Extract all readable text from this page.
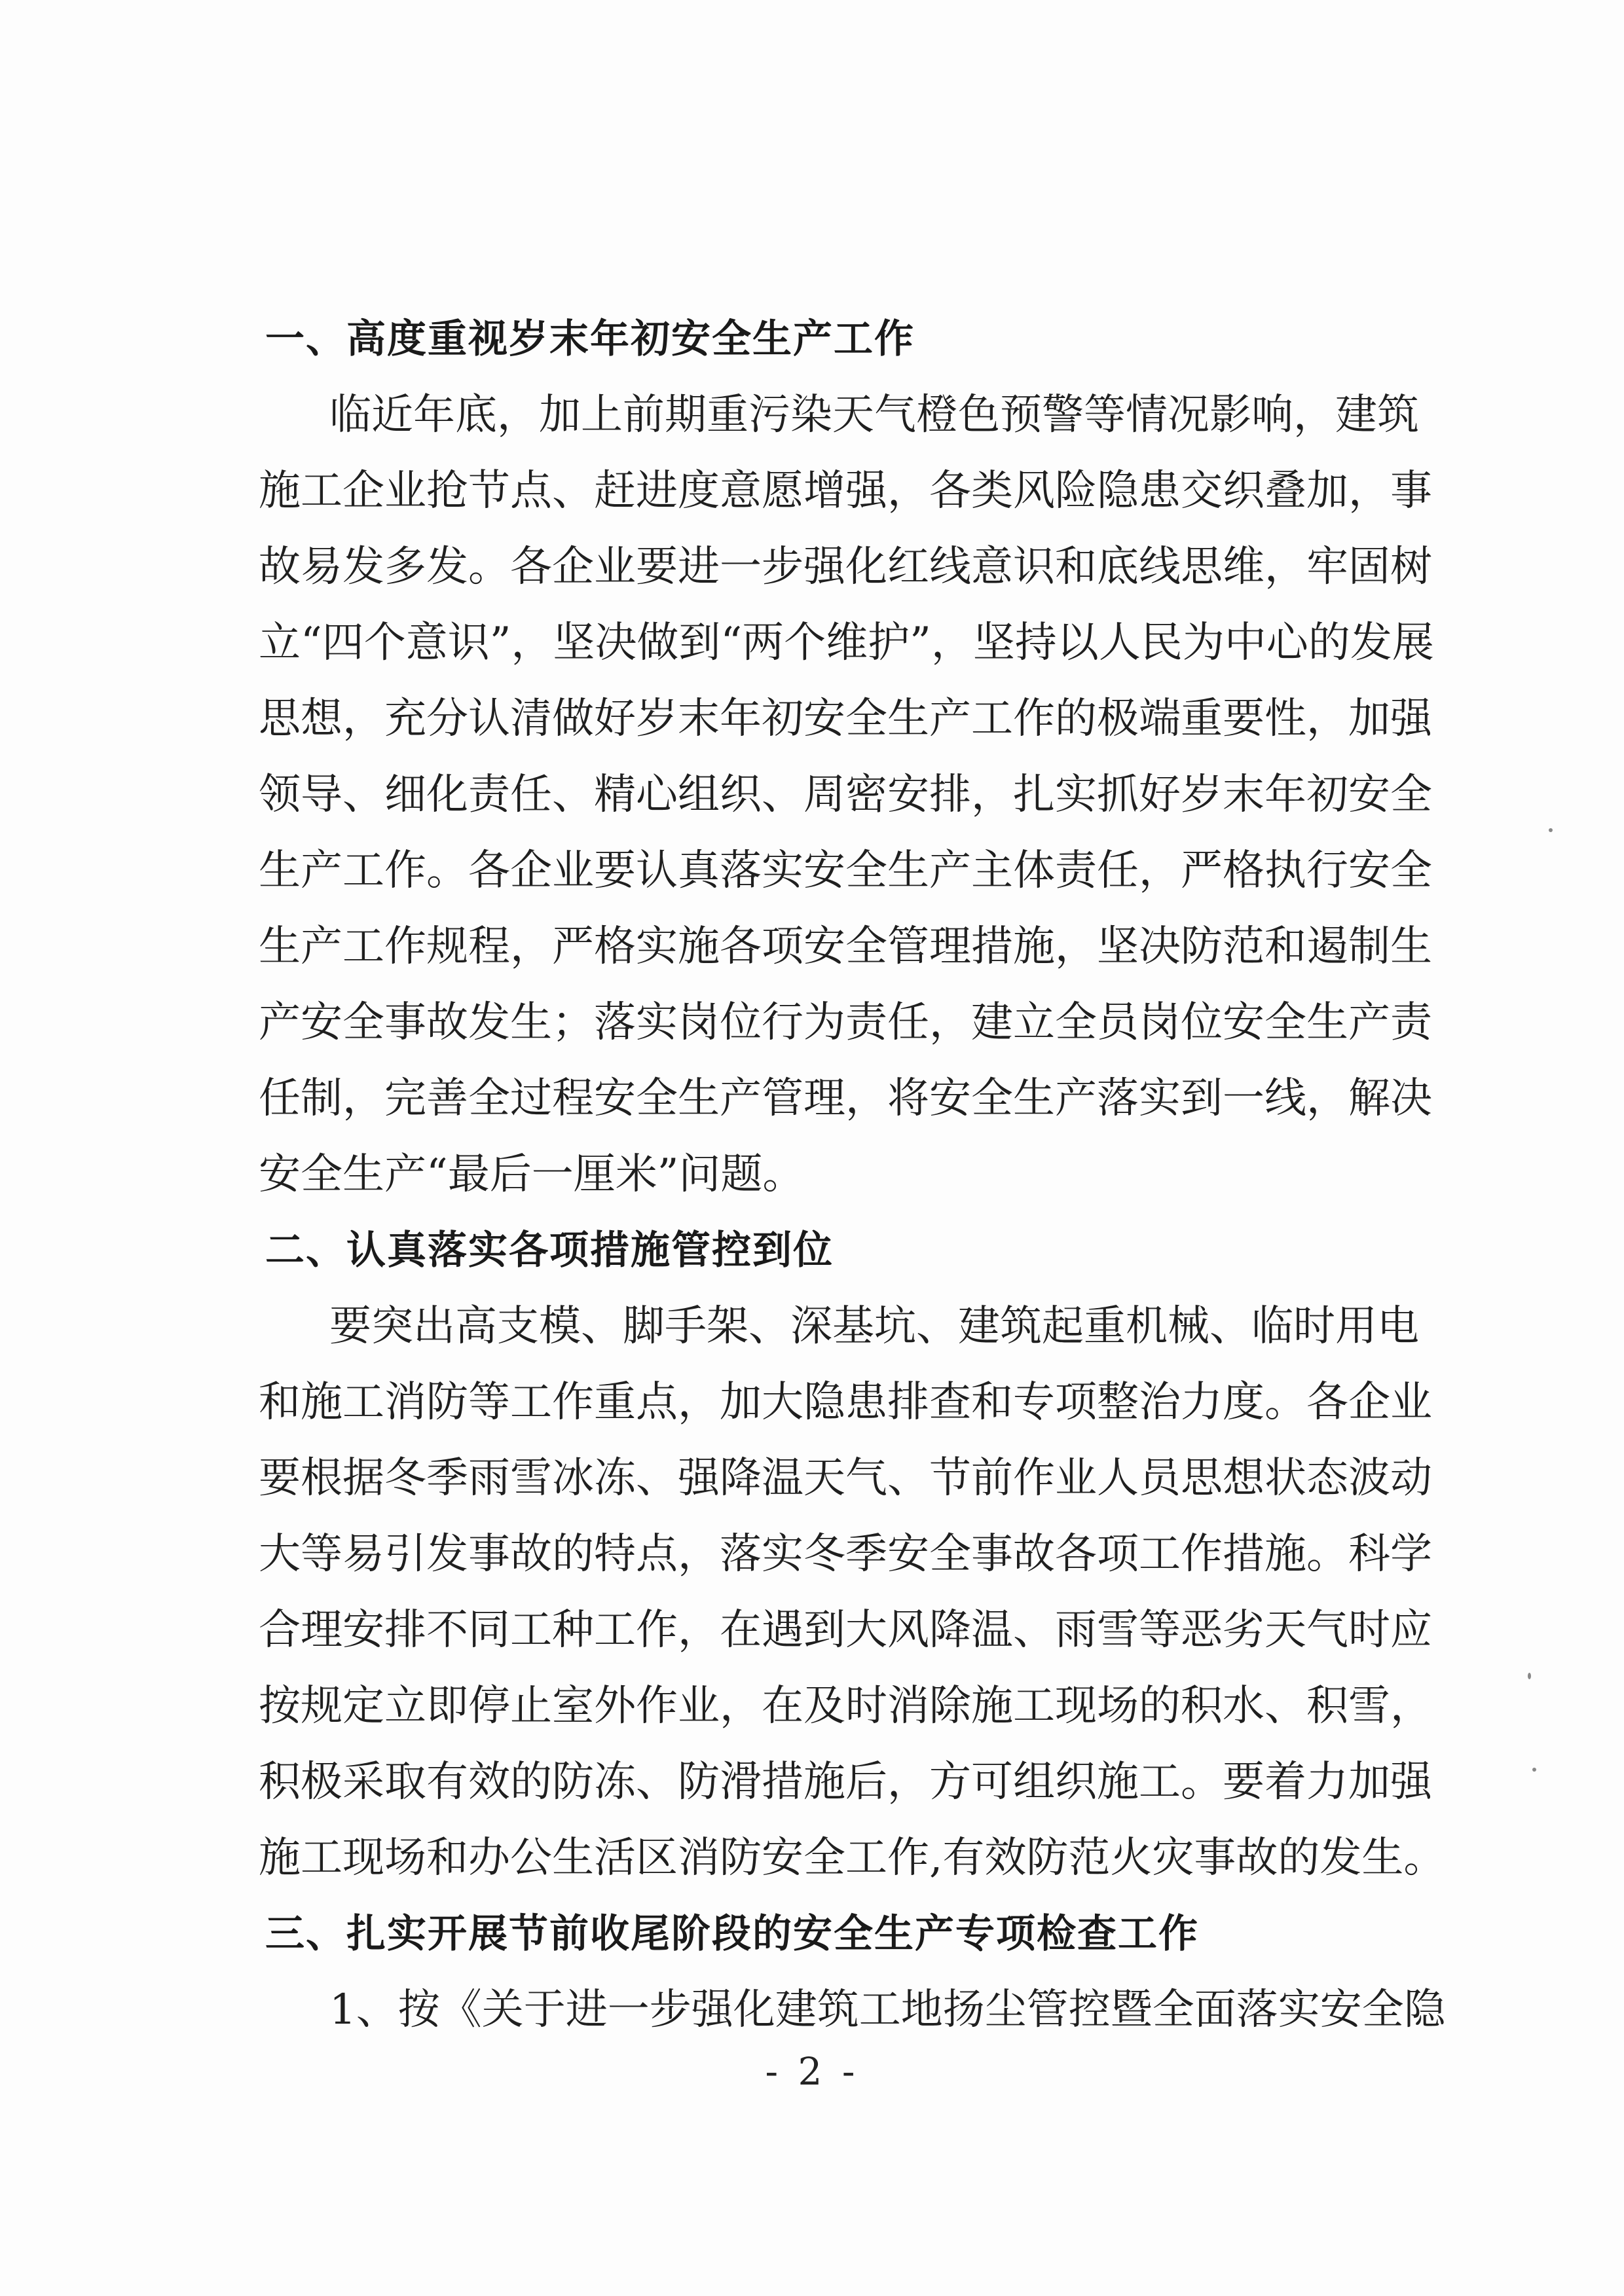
一、高度重视岁末年初安全生产工作
临近年底，加上前期重污染天气橙色预警等情况影响，建筑
施工企业抢节点、赶进度意愿增强，各类风险隐患交织叠加，事
故易发多发。各企业要进一步强化红线意识和底线思维，牢固树
立“四个意识”，坚决做到“两个维护”，坚持以人民为中心的发展
思想，充分认清做好岁末年初安全生产工作的极端重要性，加强
领导、细化责任、精心组织、周密安排，扎实抓好岁末年初安全
生产工作。各企业要认真落实安全生产主体责任，严格执行安全
生产工作规程，严格实施各项安全管理措施，坚决防范和遏制生
产安全事故发生；落实岗位行为责任，建立全员岗位安全生产责
任制，完善全过程安全生产管理，将安全生产落实到一线，解决
安全生产“最后一厘米”问题。
二、认真落实各项措施管控到位
要突出高支模、脚手架、深基坑、建筑起重机械、临时用电
和施工消防等工作重点，加大隐患排查和专项整治力度。各企业
要根据冬季雨雪冰冻、强降温天气、节前作业人员思想状态波动
大等易引发事故的特点，落实冬季安全事故各项工作措施。科学
合理安排不同工种工作，在遇到大风降温、雨雪等恶劣天气时应
按规定立即停止室外作业，在及时消除施工现场的积水、积雪，
积极采取有效的防冻、防滑措施后，方可组织施工。要着力加强
施工现场和办公生活区消防安全工作,有效防范火灾事故的发生。
三、扎实开展节前收尾阶段的安全生产专项检查工作
1、按《关于进一步强化建筑工地扬尘管控暨全面落实安全隐
- 2 -
